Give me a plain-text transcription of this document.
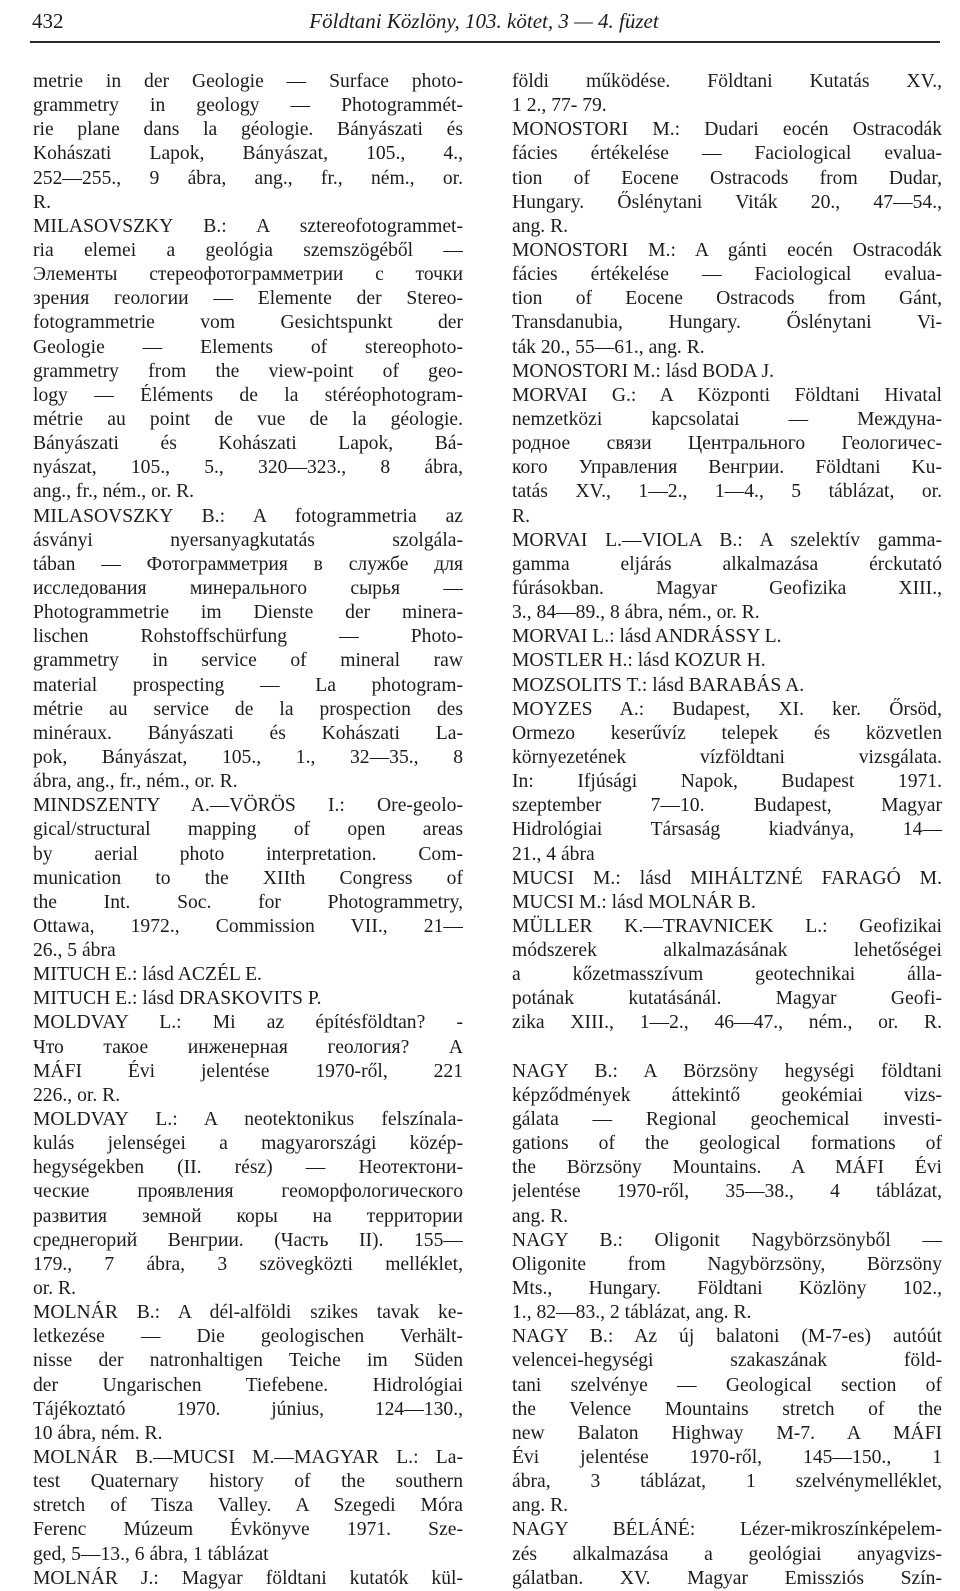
432	Földtani Közlöny, 103. kötet, 3 — 4. füzet
metrie in der Geologie — Surface photo-
grammetry in geology — Photogrammét-
rie plane dans la géologie. Bányászati és
Kohászati Lapok, Bányászat, 105., 4.,
252—255., 9 ábra, ang., fr., ném., or.
R.
MILASOVSZKY B.: A sztereofotogrammet-
ria elemei a geológia szemszögéből —
Элементы стереофотограмметрии с точки
зрения геологии — Elemente der Stereo-
fotogrammetrie vom Gesichtspunkt der
Geologie — Elements of stereophoto-
grammetry from the view-point of geo-
logy — Éléments de la stéréophotogram-
métrie au point de vue de la géologie.
Bányászati és Kohászati Lapok, Bá-
nyászat, 105., 5., 320—323., 8 ábra,
ang., fr., ném., or. R.
MILASOVSZKY B.: A fotogrammetria az
ásványi nyersanyagkutatás szolgála-
tában — Фотограмметрия в службе для
исследования минерального сырья —
Photogrammetrie im Dienste der minera-
lischen Rohstoffschürfung — Photo-
grammetry in service of mineral raw
material prospecting — La photogram-
métrie au service de la prospection des
minéraux. Bányászati és Kohászati La-
pok, Bányászat, 105., 1., 32—35., 8
ábra, ang., fr., ném., or. R.
MINDSZENTY A.—VÖRÖS I.: Ore-geolo-
gical/structural mapping of open areas
by aerial photo interpretation. Com-
munication to the XIIth Congress of
the Int. Soc. for Photogrammetry,
Ottawa, 1972., Commission VII., 21—
26., 5 ábra
MITUCH E.: lásd ACZÉL E.
MITUCH E.: lásd DRASKOVITS P.
MOLDVAY L.: Mi az építésföldtan? -
Что такое инженерная геология? A
MÁFI Évi jelentése 1970-ről, 221
226., or. R.
MOLDVAY L.: A neotektonikus felszínala-
kulás jelenségei a magyarországi közép-
hegységekben (II. rész) — Неотектони-
ческие проявления геоморфологического
развития земной коры на территории
среднегорий Венгрии. (Часть II). 155—
179., 7 ábra, 3 szövegközti melléklet,
or. R.
MOLNÁR B.: A dél-alföldi szikes tavak ke-
letkezése — Die geologischen Verhält-
nisse der natronhaltigen Teiche im Süden
der Ungarischen Tiefebene. Hidrológiai
Tájékoztató 1970. június, 124—130.,
10 ábra, ném. R.
MOLNÁR B.—MUCSI M.—MAGYAR L.: La-
test Quaternary history of the southern
stretch of Tisza Valley. A Szegedi Móra
Ferenc Múzeum Évkönyve 1971. Sze-
ged, 5—13., 6 ábra, 1 táblázat
MOLNÁR J.: Magyar földtani kutatók kül-
földi működése. Földtani Kutatás XV.,
1 2., 77- 79.
MONOSTORI M.: Dudari eocén Ostracodák
fácies értékelése — Faciological evalua-
tion of Eocene Ostracods from Dudar,
Hungary. Őslénytani Viták 20., 47—54.,
ang. R.
MONOSTORI M.: A gánti eocén Ostracodák
fácies értékelése — Faciological evalua-
tion of Eocene Ostracods from Gánt,
Transdanubia, Hungary. Őslénytani Vi-
ták 20., 55—61., ang. R.
MONOSTORI M.: lásd BODA J.
MORVAI G.: A Központi Földtani Hivatal
nemzetközi kapcsolatai — Междуна-
родное связи Центрального Геологичес-
кого Управления Венгрии. Földtani Ku-
tatás XV., 1—2., 1—4., 5 táblázat, or.
R.
MORVAI L.—VIOLA B.: A szelektív gamma-
gamma eljárás alkalmazása érckutató
fúrásokban. Magyar Geofizika XIII.,
3., 84—89., 8 ábra, ném., or. R.
MORVAI L.: lásd ANDRÁSSY L.
MOSTLER H.: lásd KOZUR H.
MOZSOLITS T.: lásd BARABÁS A.
MOYZES A.: Budapest, XI. ker. Őrsöd,
Ormezo keserűvíz telepek és közvetlen
környezetének vízföldtani vizsgálata.
In: Ifjúsági Napok, Budapest 1971.
szeptember 7—10. Budapest, Magyar
Hidrológiai Társaság kiadványa, 14—
21., 4 ábra
MUCSI M.: lásd MIHÁLTZNÉ FARAGÓ M.
MUCSI M.: lásd MOLNÁR B.
MÜLLER K.—TRAVNICEK L.: Geofizikai
módszerek alkalmazásának lehetőségei
a kőzetmasszívum geotechnikai álla-
potának kutatásánál. Magyar Geofi-
zika XIII., 1—2., 46—47., ném., or. R.
NAGY B.: A Börzsöny hegységi földtani
képződmények áttekintő geokémiai vizs-
gálata — Regional geochemical investi-
gations of the geological formations of
the Börzsöny Mountains. A MÁFI Évi
jelentése 1970-ről, 35—38., 4 táblázat,
ang. R.
NAGY B.: Oligonit Nagybörzsönyből —
Oligonite from Nagybörzsöny, Börzsöny
Mts., Hungary. Földtani Közlöny 102.,
1., 82—83., 2 táblázat, ang. R.
NAGY B.: Az új balatoni (M-7-es) autóút
velencei-hegységi szakaszának föld-
tani szelvénye — Geological section of
the Velence Mountains stretch of the
new Balaton Highway M-7. A MÁFI
Évi jelentése 1970-ről, 145—150., 1
ábra, 3 táblázat, 1 szelvénymelléklet,
ang. R.
NAGY BÉLÁNÉ: Lézer-mikroszínképelem-
zés alkalmazása a geológiai anyagvizs-
gálatban. XV. Magyar Emissziós Szín-
